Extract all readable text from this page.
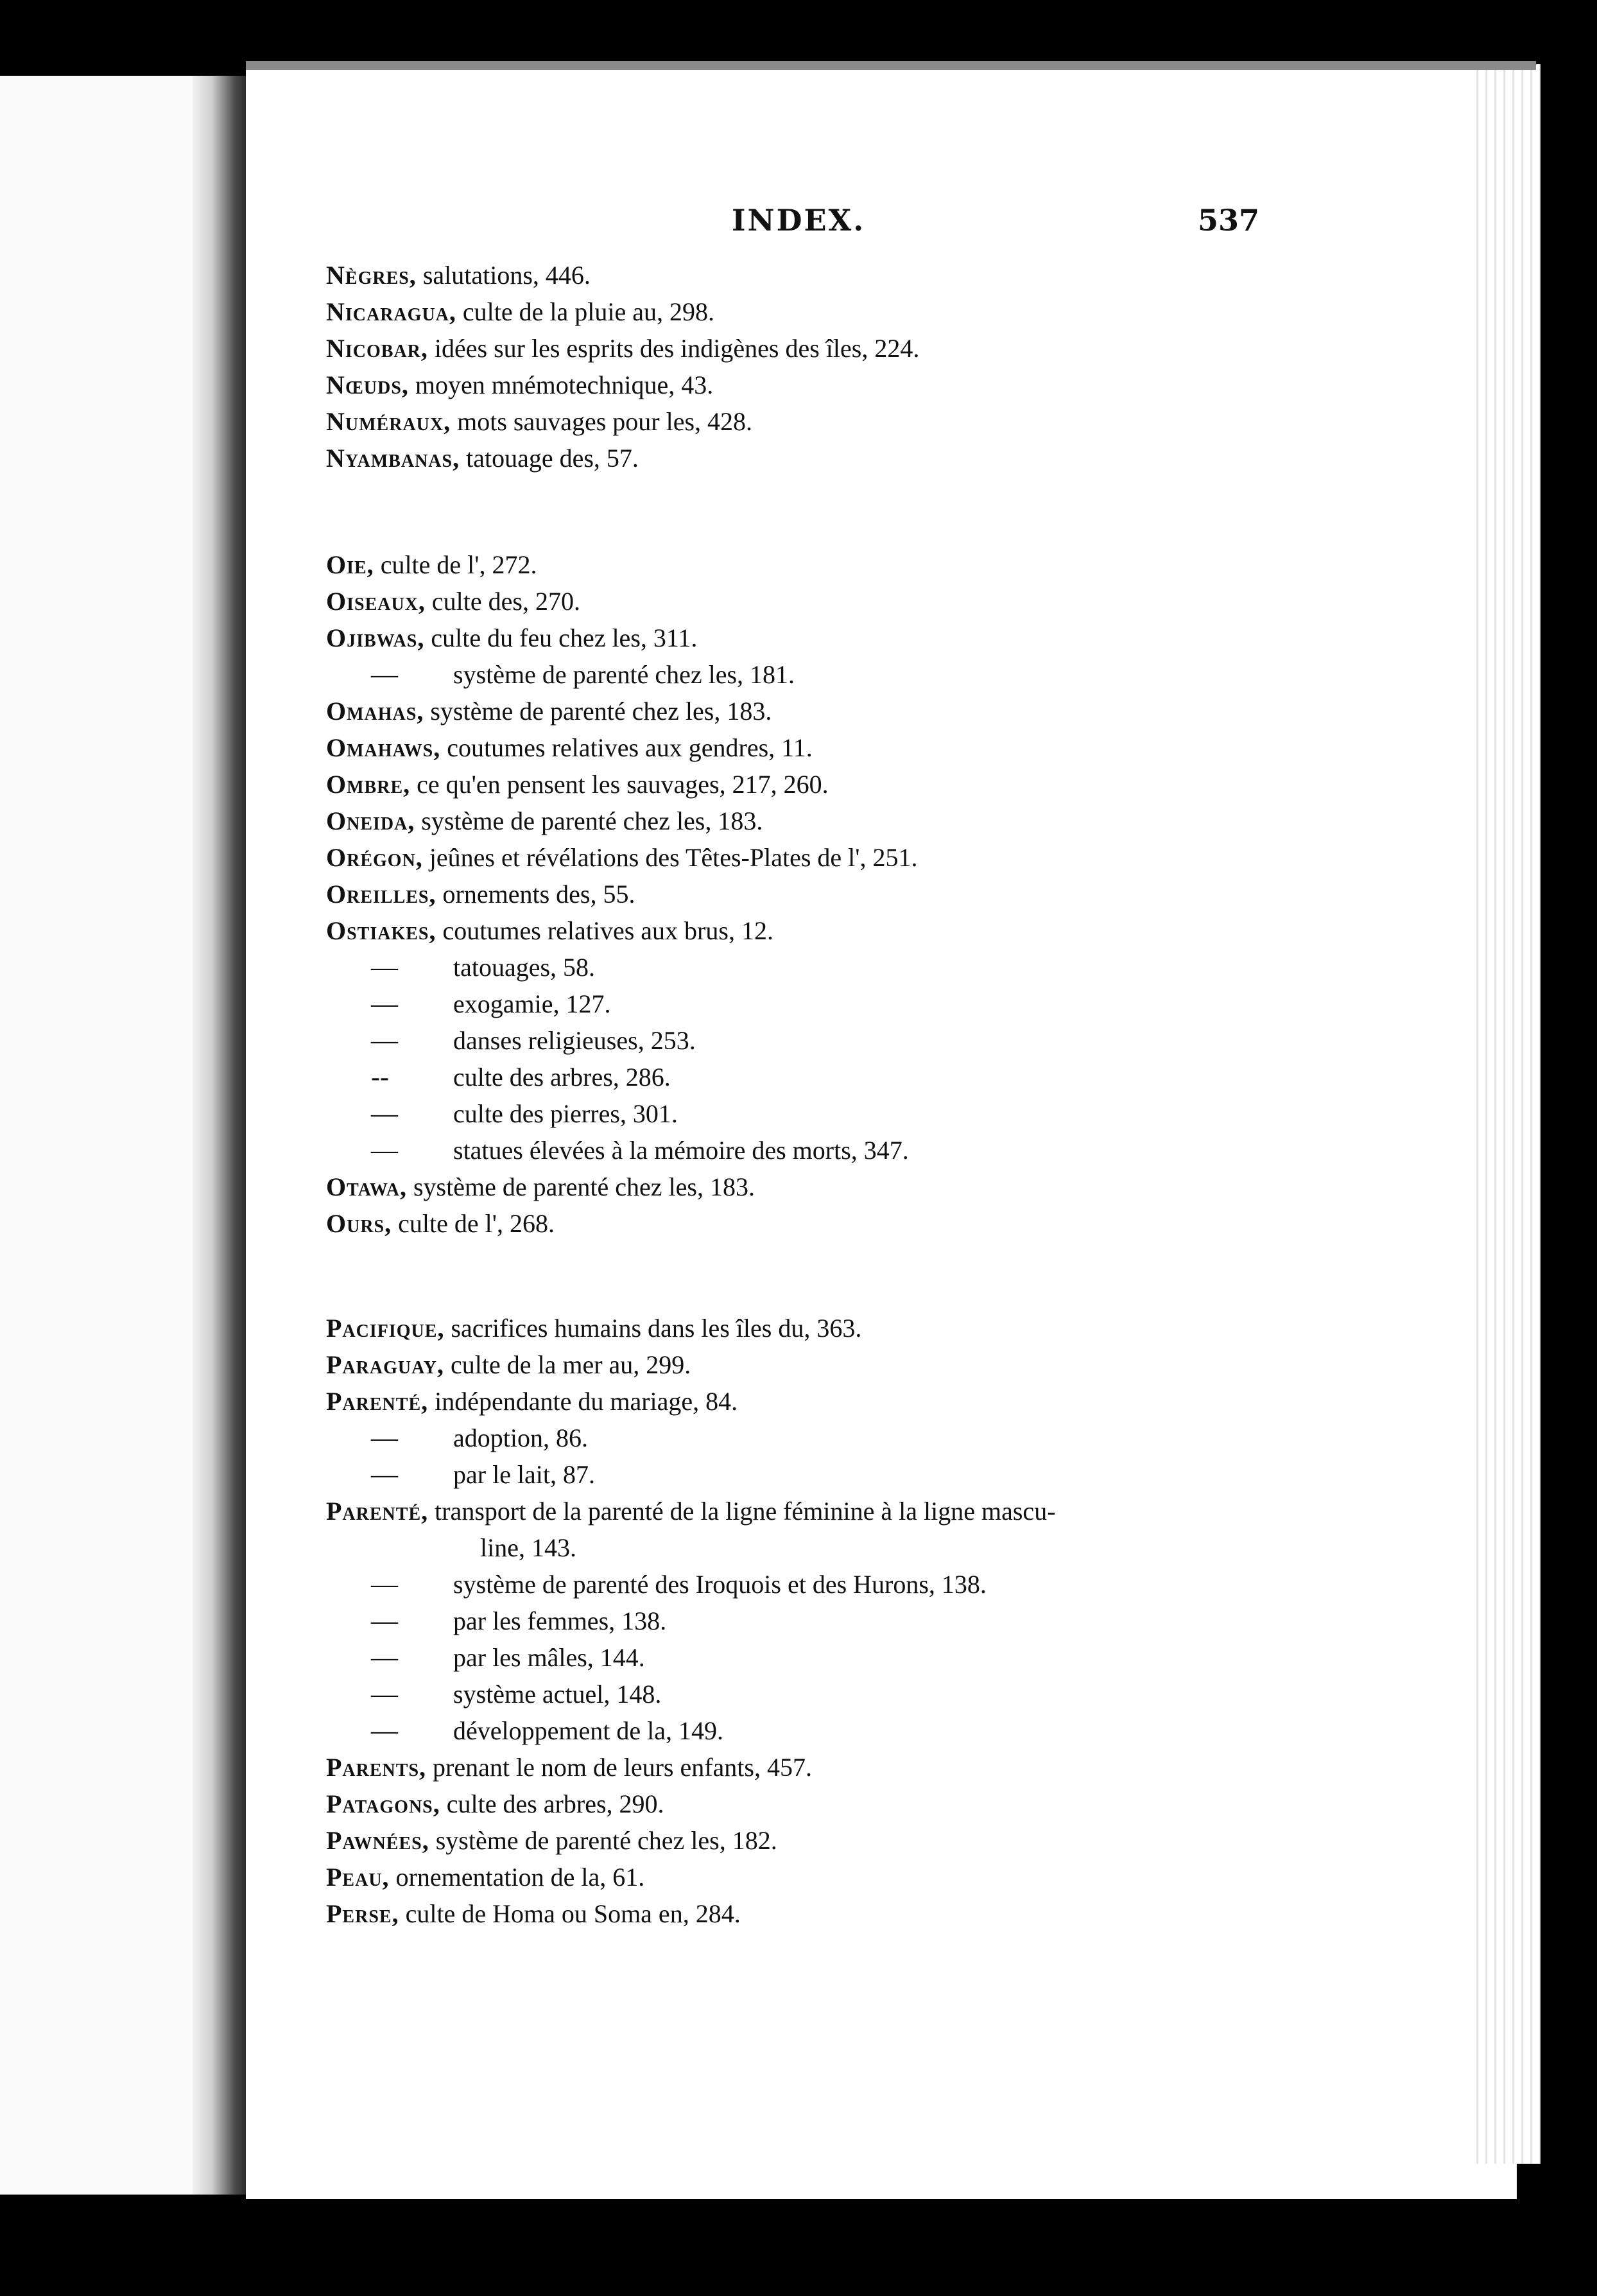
INDEX.	537
Nègres, salutations, 446.
Nicaragua, culte de la pluie au, 298.
Nicobar, idées sur les esprits des indigènes des îles, 224.
Nœuds, moyen mnémotechnique, 43.
Numéraux, mots sauvages pour les, 428.
Nyambanas, tatouage des, 57.
Oie, culte de l', 272.
Oiseaux, culte des, 270.
Ojibwas, culte du feu chez les, 311.
— système de parenté chez les, 181.
Omahas, système de parenté chez les, 183.
Omahaws, coutumes relatives aux gendres, 11.
Ombre, ce qu'en pensent les sauvages, 217, 260.
Oneida, système de parenté chez les, 183.
Orégon, jeûnes et révélations des Têtes-Plates de l', 251.
Oreilles, ornements des, 55.
Ostiakes, coutumes relatives aux brus, 12.
— tatouages, 58.
— exogamie, 127.
— danses religieuses, 253.
--	culte des arbres, 286.
— culte des pierres, 301.
— statues élevées à la mémoire des morts, 347.
Otawa, système de parenté chez les, 183.
Ours, culte de l', 268.
Pacifique, sacrifices humains dans les îles du, 363.
Paraguay, culte de la mer au, 299.
Parenté, indépendante du mariage, 84.
— adoption, 86.
— par le lait, 87.
Parenté, transport de la parenté de la ligne féminine à la ligne mascu-
line, 143.
— système de parenté des Iroquois et des Hurons, 138.
— par les femmes, 138.
— par les mâles, 144.
— système actuel, 148.
— développement de la, 149.
Parents, prenant le nom de leurs enfants, 457.
Patagons, culte des arbres, 290.
Pawnées, système de parenté chez les, 182.
Peau, ornementation de la, 61.
Perse, culte de Homa ou Soma en, 284.
